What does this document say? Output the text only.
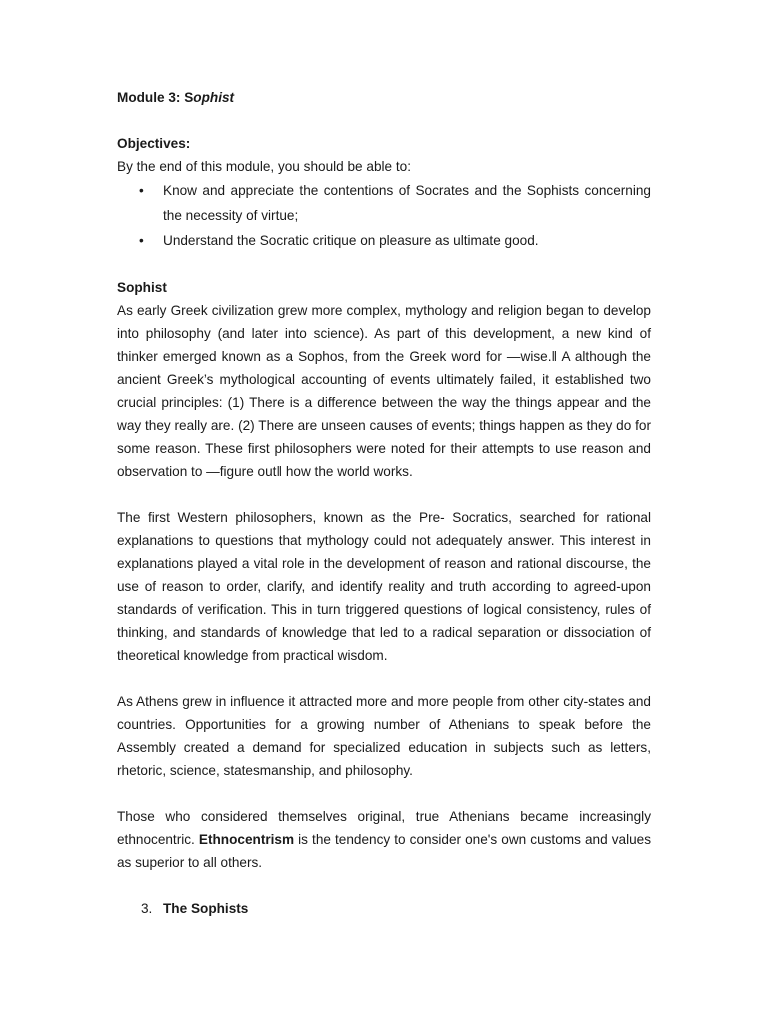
Module 3: Sophist
Objectives:
By the end of this module, you should be able to:
• Know and appreciate the contentions of Socrates and the Sophists concerning the necessity of virtue;
• Understand the Socratic critique on pleasure as ultimate good.
Sophist

As early Greek civilization grew more complex, mythology and religion began to develop into philosophy (and later into science). As part of this development, a new kind of thinker emerged known as a Sophos, from the Greek word for ―wise.‖ A although the ancient Greek’s mythological accounting of events ultimately failed, it established two crucial principles: (1) There is a difference between the way the things appear and the way they really are. (2) There are unseen causes of events; things happen as they do for some reason. These first philosophers were noted for their attempts to use reason and observation to ―figure out‖ how the world works.

The first Western philosophers, known as the Pre- Socratics, searched for rational explanations to questions that mythology could not adequately answer. This interest in explanations played a vital role in the development of reason and rational discourse, the use of reason to order, clarify, and identify reality and truth according to agreed-upon standards of verification. This in turn triggered questions of logical consistency, rules of thinking, and standards of knowledge that led to a radical separation or dissociation of theoretical knowledge from practical wisdom.

As Athens grew in influence it attracted more and more people from other city-states and countries. Opportunities for a growing number of Athenians to speak before the Assembly created a demand for specialized education in subjects such as letters, rhetoric, science, statesmanship, and philosophy.

Those who considered themselves original, true Athenians became increasingly ethnocentric. Ethnocentrism is the tendency to consider one's own customs and values as superior to all others.

3. The Sophists
